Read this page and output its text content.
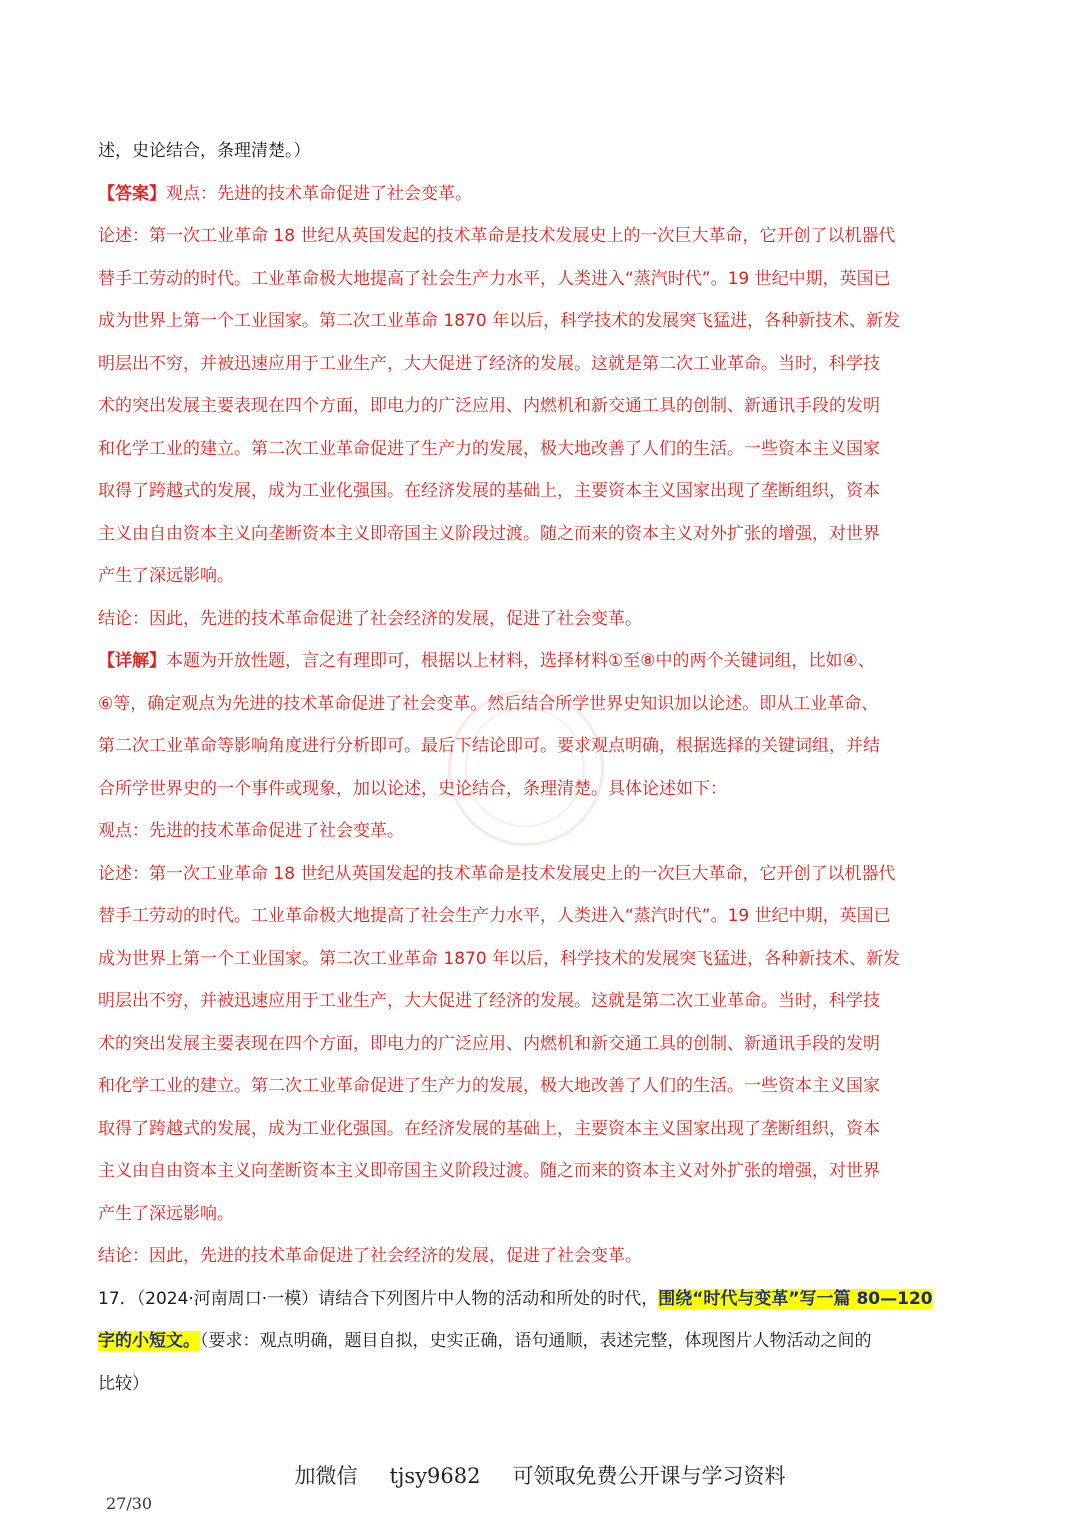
述，史论结合，条理清楚。）
【答案】观点：先进的技术革命促进了社会变革。
论述：第一次工业革命 18 世纪从英国发起的技术革命是技术发展史上的一次巨大革命，它开创了以机器代
替手工劳动的时代。工业革命极大地提高了社会生产力水平，人类进入“蒸汽时代”。19 世纪中期，英国已
成为世界上第一个工业国家。第二次工业革命 1870 年以后，科学技术的发展突飞猛进，各种新技术、新发
明层出不穷，并被迅速应用于工业生产，大大促进了经济的发展。这就是第二次工业革命。当时，科学技
术的突出发展主要表现在四个方面，即电力的广泛应用、内燃机和新交通工具的创制、新通讯手段的发明
和化学工业的建立。第二次工业革命促进了生产力的发展，极大地改善了人们的生活。一些资本主义国家
取得了跨越式的发展，成为工业化强国。在经济发展的基础上，主要资本主义国家出现了垄断组织，资本
主义由自由资本主义向垄断资本主义即帝国主义阶段过渡。随之而来的资本主义对外扩张的增强，对世界
产生了深远影响。
结论：因此，先进的技术革命促进了社会经济的发展，促进了社会变革。
【详解】本题为开放性题，言之有理即可，根据以上材料，选择材料①至⑧中的两个关键词组，比如④、
⑥等，确定观点为先进的技术革命促进了社会变革。然后结合所学世界史知识加以论述。即从工业革命、
第二次工业革命等影响角度进行分析即可。最后下结论即可。要求观点明确，根据选择的关键词组，并结
合所学世界史的一个事件或现象，加以论述，史论结合，条理清楚。具体论述如下：
观点：先进的技术革命促进了社会变革。
论述：第一次工业革命 18 世纪从英国发起的技术革命是技术发展史上的一次巨大革命，它开创了以机器代
替手工劳动的时代。工业革命极大地提高了社会生产力水平，人类进入“蒸汽时代”。19 世纪中期，英国已
成为世界上第一个工业国家。第二次工业革命 1870 年以后，科学技术的发展突飞猛进，各种新技术、新发
明层出不穷，并被迅速应用于工业生产，大大促进了经济的发展。这就是第二次工业革命。当时，科学技
术的突出发展主要表现在四个方面，即电力的广泛应用、内燃机和新交通工具的创制、新通讯手段的发明
和化学工业的建立。第二次工业革命促进了生产力的发展，极大地改善了人们的生活。一些资本主义国家
取得了跨越式的发展，成为工业化强国。在经济发展的基础上，主要资本主义国家出现了垄断组织，资本
主义由自由资本主义向垄断资本主义即帝国主义阶段过渡。随之而来的资本主义对外扩张的增强，对世界
产生了深远影响。
结论：因此，先进的技术革命促进了社会经济的发展，促进了社会变革。
17．（2024·河南周口·一模）请结合下列图片中人物的活动和所处的时代，围绕“时代与变革”写一篇 80—120
字的小短文。（要求：观点明确，题目自拟，史实正确，语句通顺，表述完整，体现图片人物活动之间的
比较）
加微信 tjsy9682 可领取免费公开课与学习资料
27/30
